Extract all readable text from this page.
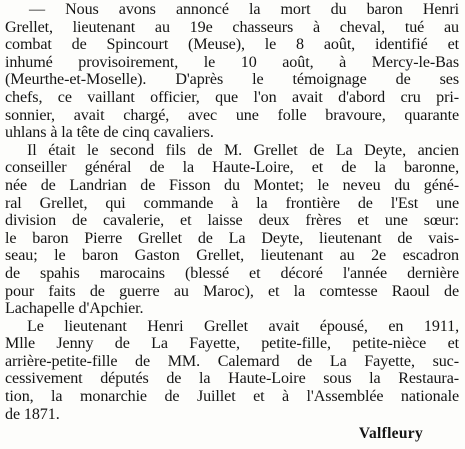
— Nous avons annoncé la mort du baron Henri
Grellet, lieutenant au 19e chasseurs à cheval, tué au
combat de Spincourt (Meuse), le 8 août, identifié et
inhumé provisoirement, le 10 août, à Mercy-le-Bas
(Meurthe-et-Moselle). D'après le témoignage de ses
chefs, ce vaillant officier, que l'on avait d'abord cru pri-
sonnier, avait chargé, avec une folle bravoure, quarante
uhlans à la tête de cinq cavaliers.
Il était le second fils de M. Grellet de La Deyte, ancien
conseiller général de la Haute-Loire, et de la baronne,
née de Landrian de Fisson du Montet; le neveu du géné-
ral Grellet, qui commande à la frontière de l'Est une
division de cavalerie, et laisse deux frères et une sœur:
le baron Pierre Grellet de La Deyte, lieutenant de vais-
seau; le baron Gaston Grellet, lieutenant au 2e escadron
de spahis marocains (blessé et décoré l'année dernière
pour faits de guerre au Maroc), et la comtesse Raoul de
Lachapelle d'Apchier.
Le lieutenant Henri Grellet avait épousé, en 1911,
Mlle Jenny de La Fayette, petite-fille, petite-nièce et
arrière-petite-fille de MM. Calemard de La Fayette, suc-
cessivement députés de la Haute-Loire sous la Restaura-
tion, la monarchie de Juillet et à l'Assemblée nationale
de 1871.
Valfleury
